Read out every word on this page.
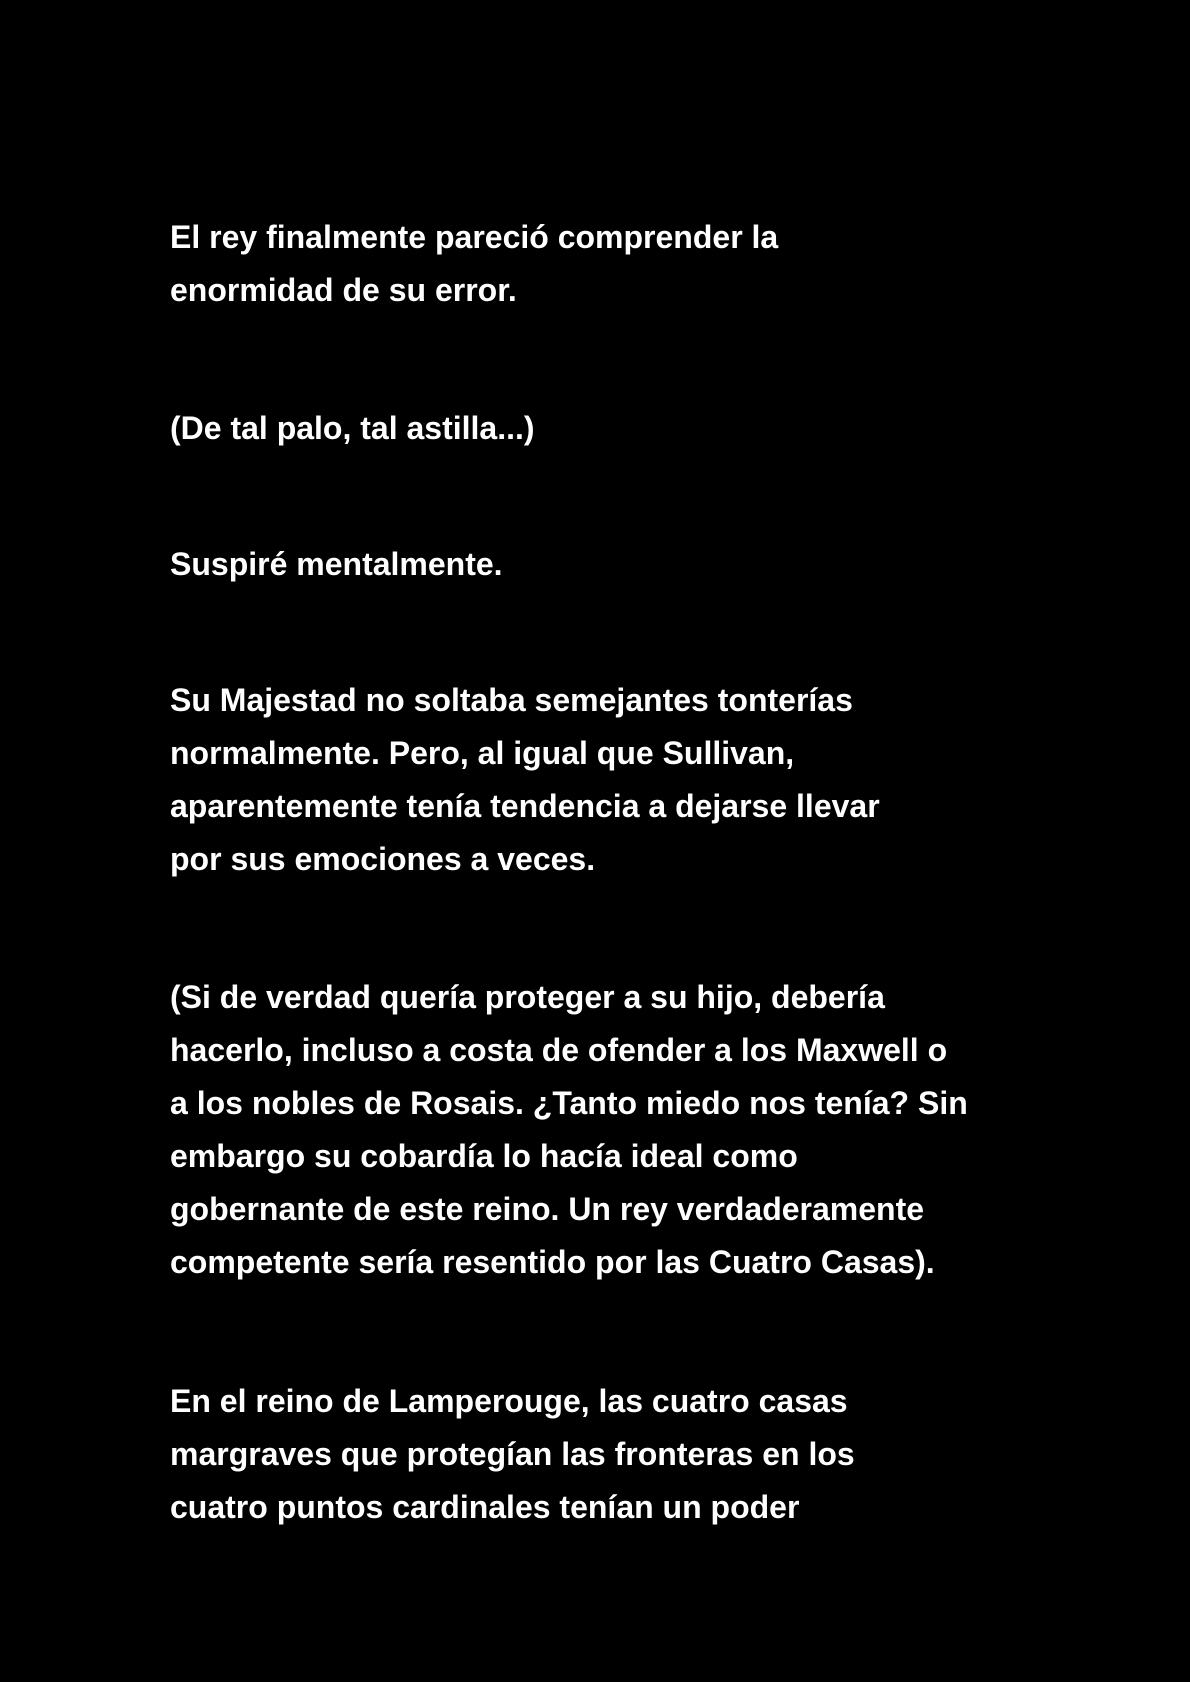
El rey finalmente pareció comprender la
enormidad de su error.

(De tal palo, tal astilla...)

Suspiré mentalmente.

Su Majestad no soltaba semejantes tonterías
normalmente. Pero, al igual que Sullivan,
aparentemente tenía tendencia a dejarse llevar
por sus emociones a veces.

(Si de verdad quería proteger a su hijo, debería
hacerlo, incluso a costa de ofender a los Maxwell o
a los nobles de Rosais. ¿Tanto miedo nos tenía? Sin
embargo su cobardía lo hacía ideal como
gobernante de este reino. Un rey verdaderamente
competente sería resentido por las Cuatro Casas).

En el reino de Lamperouge, las cuatro casas
margraves que protegían las fronteras en los
cuatro puntos cardinales tenían un poder
